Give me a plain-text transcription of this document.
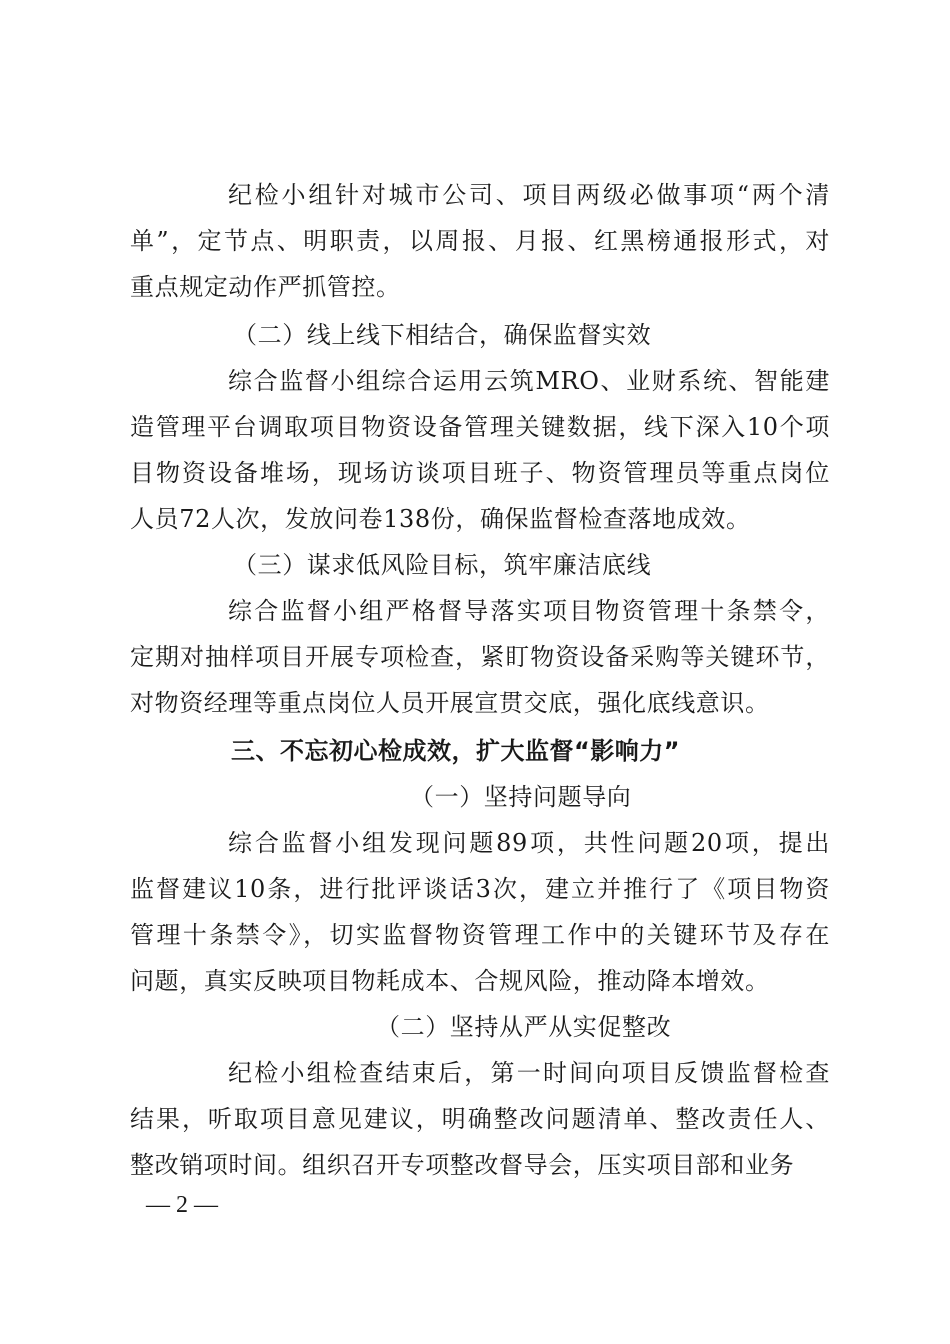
纪检小组针对城市公司、项目两级必做事项“两个清
单”，定节点、明职责，以周报、月报、红黑榜通报形式，对
重点规定动作严抓管控。
（二）线上线下相结合，确保监督实效
综合监督小组综合运用云筑MRO、业财系统、智能建
造管理平台调取项目物资设备管理关键数据，线下深入10个项
目物资设备堆场，现场访谈项目班子、物资管理员等重点岗位
人员72人次，发放问卷138份，确保监督检查落地成效。
（三）谋求低风险目标，筑牢廉洁底线
综合监督小组严格督导落实项目物资管理十条禁令，
定期对抽样项目开展专项检查，紧盯物资设备采购等关键环节，
对物资经理等重点岗位人员开展宣贯交底，强化底线意识。
三、不忘初心检成效，扩大监督“影响力”
（一）坚持问题导向
综合监督小组发现问题89项，共性问题20项，提出
监督建议10条，进行批评谈话3次，建立并推行了《项目物资
管理十条禁令》，切实监督物资管理工作中的关键环节及存在
问题，真实反映项目物耗成本、合规风险，推动降本增效。
（二）坚持从严从实促整改
纪检小组检查结束后，第一时间向项目反馈监督检查
结果，听取项目意见建议，明确整改问题清单、整改责任人、
整改销项时间。组织召开专项整改督导会，压实项目部和业务
— 2 —
